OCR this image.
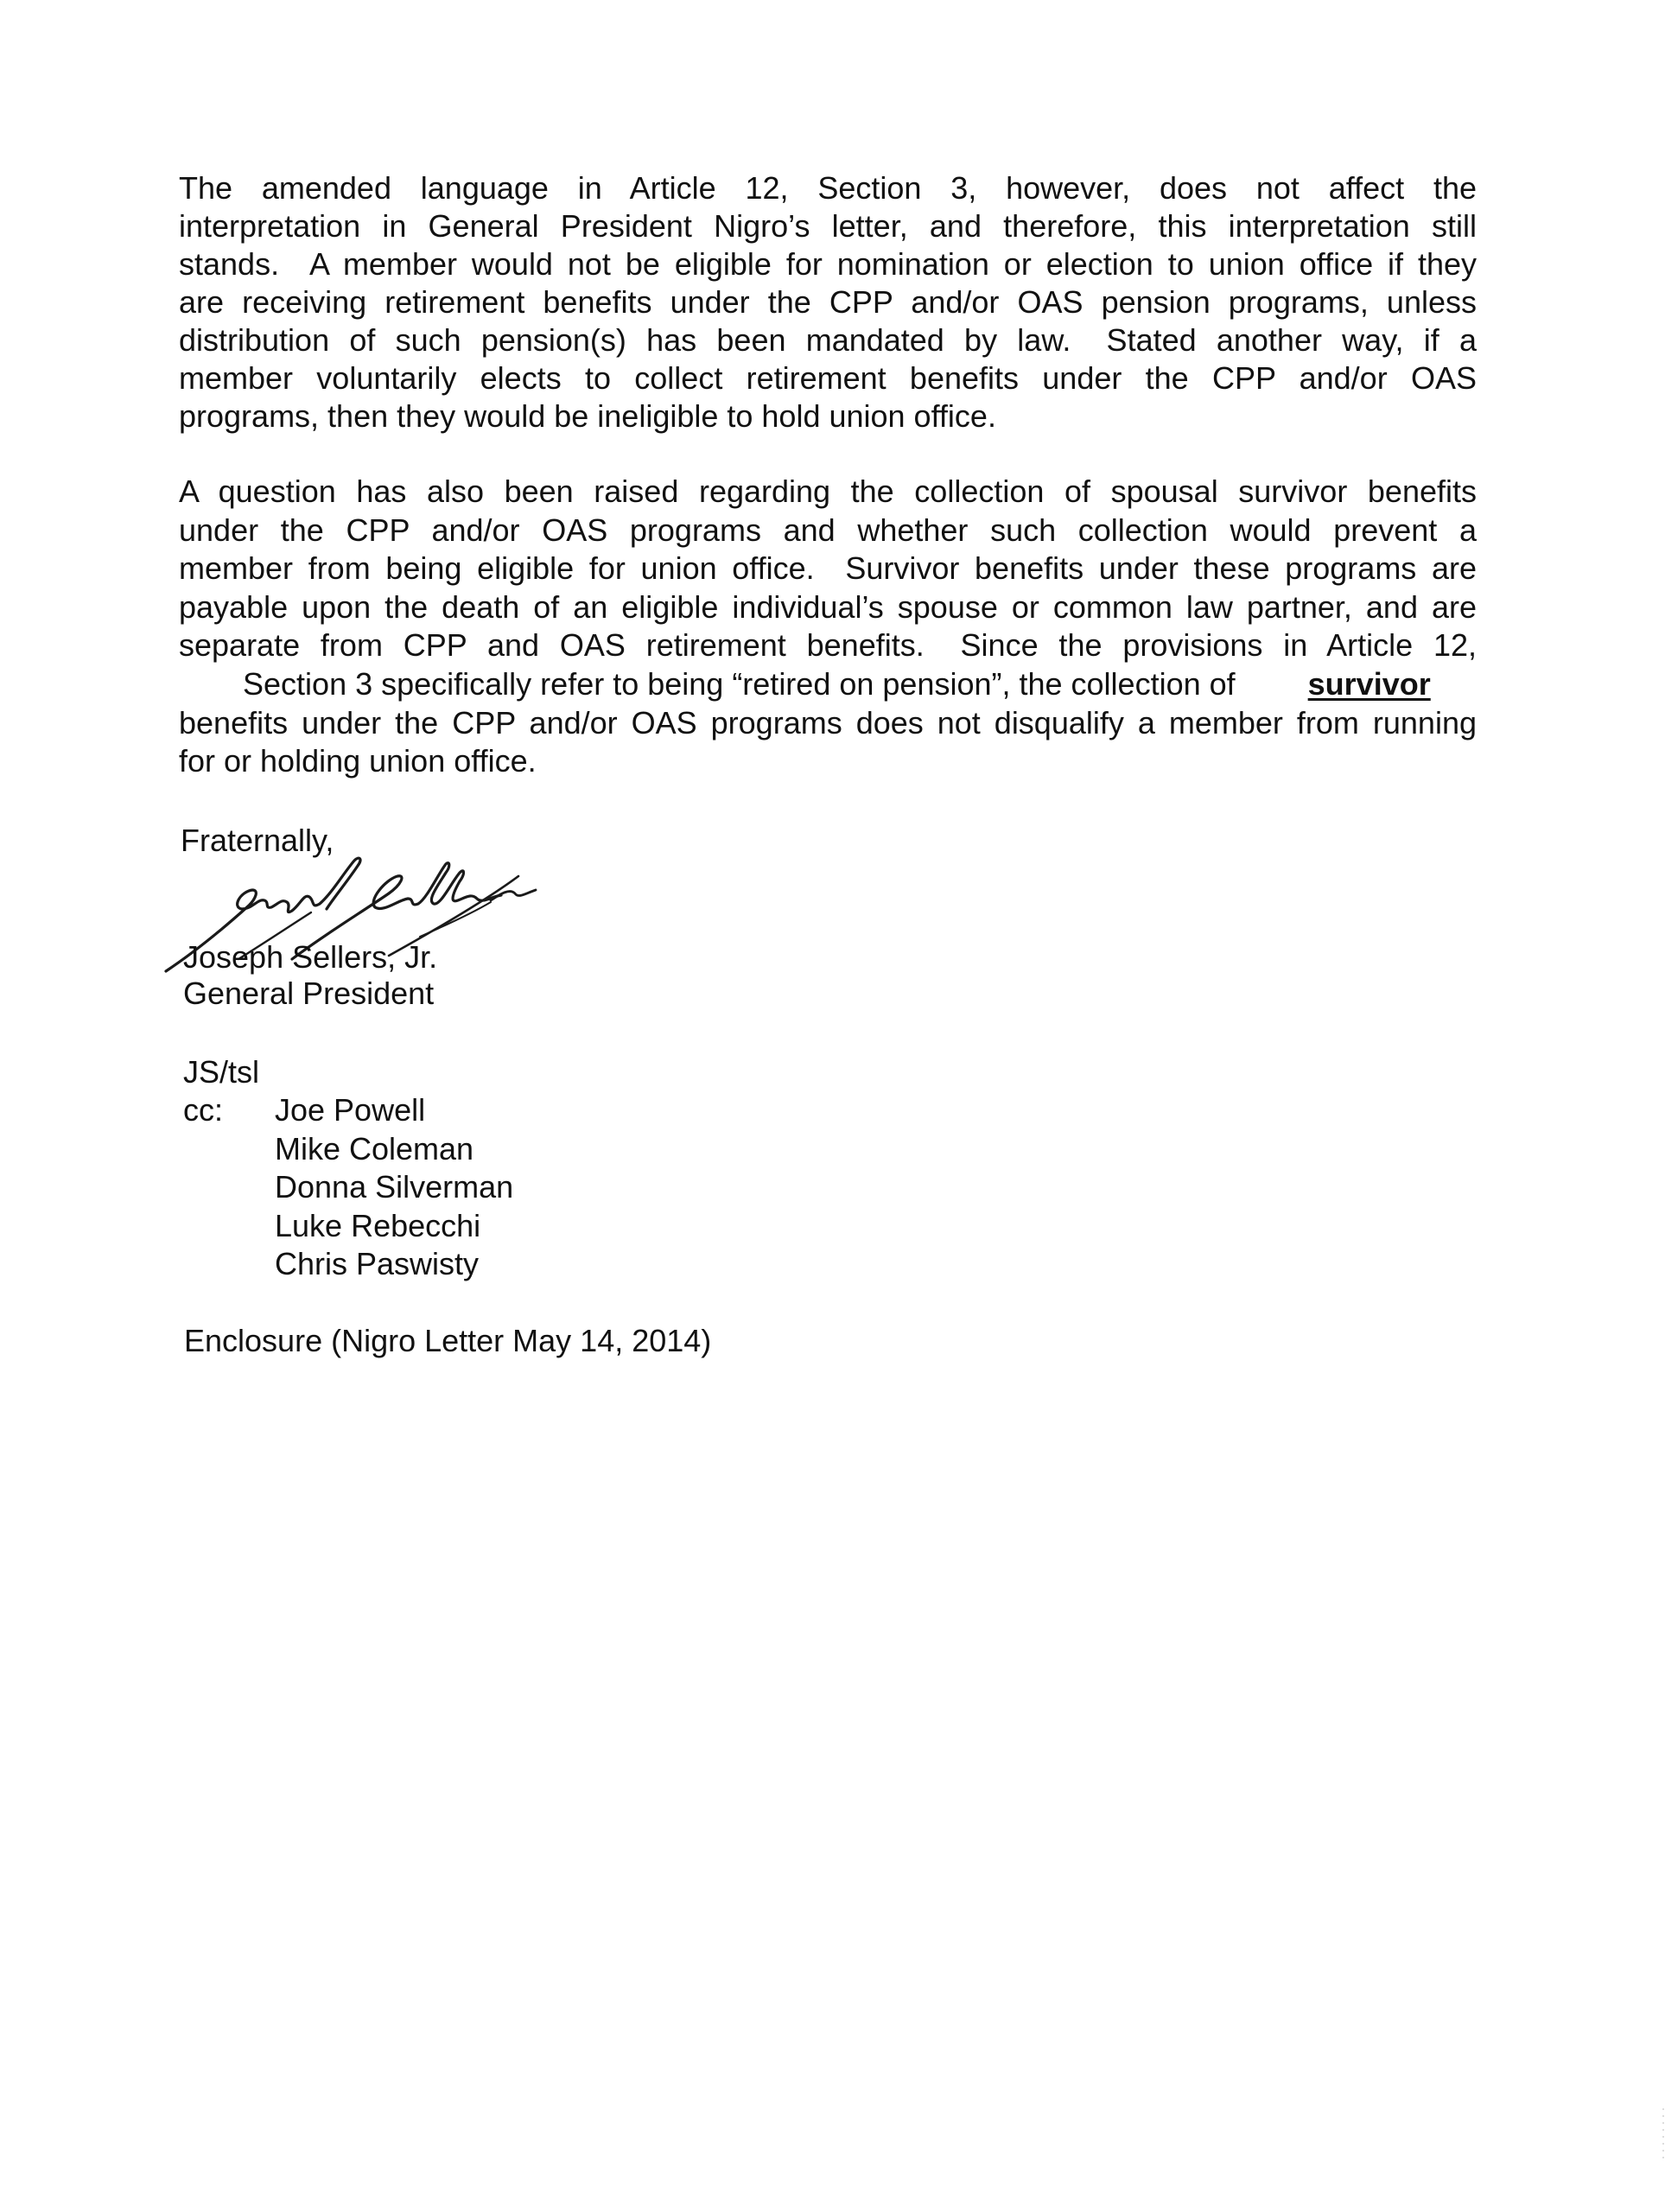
The amended language in Article 12, Section 3, however, does not affect the
interpretation in General President Nigro’s letter, and therefore, this interpretation still
stands.  A member would not be eligible for nomination or election to union office if they
are receiving retirement benefits under the CPP and/or OAS pension programs, unless
distribution of such pension(s) has been mandated by law.  Stated another way, if a
member voluntarily elects to collect retirement benefits under the CPP and/or OAS
programs, then they would be ineligible to hold union office.
A question has also been raised regarding the collection of spousal survivor benefits
under the CPP and/or OAS programs and whether such collection would prevent a
member from being eligible for union office.  Survivor benefits under these programs are
payable upon the death of an eligible individual’s spouse or common law partner, and are
separate from CPP and OAS retirement benefits.  Since the provisions in Article 12,
     Section 3 specifically refer to being “retired on pension”, the collection of       survivor    
benefits under the CPP and/or OAS programs does not disqualify a member from running
for or holding union office.
Fraternally,
Joseph Sellers, Jr.
General President
JS/tsl
cc: Joe Powell
Mike Coleman
Donna Silverman
Luke Rebecchi
Chris Paswisty
Enclosure (Nigro Letter May 14, 2014)
